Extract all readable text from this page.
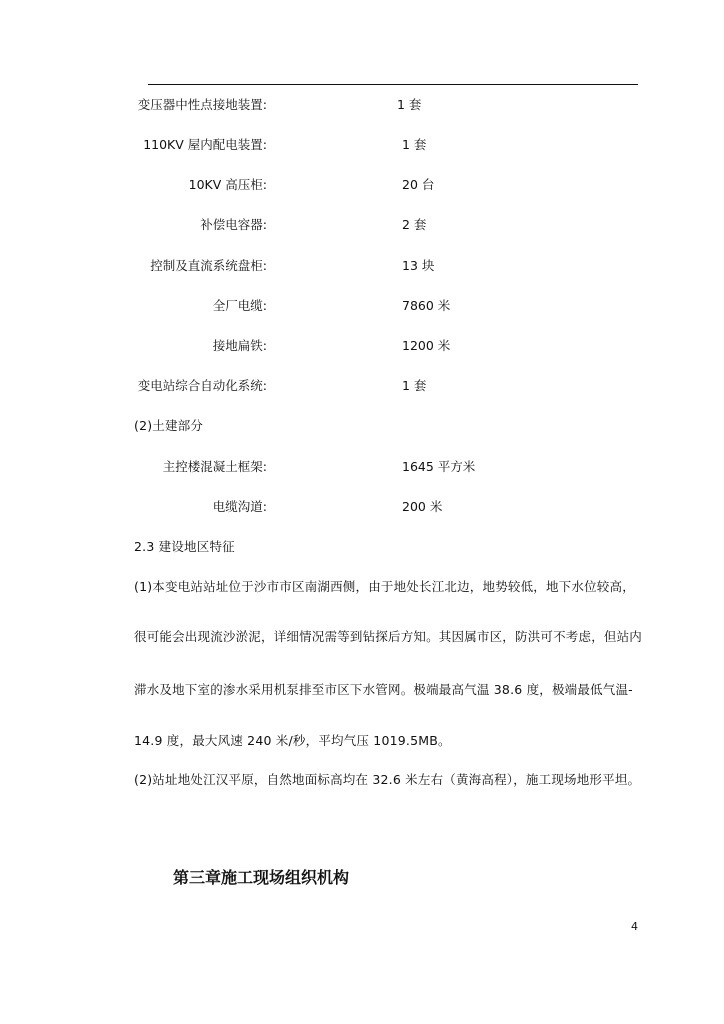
变压器中性点接地装置:	1 套
110KV 屋内配电装置:	1 套
10KV 高压柜:	20 台
补偿电容器:	2 套
控制及直流系统盘柜:	13 块
全厂电缆:	7860 米
接地扁铁:	1200 米
变电站综合自动化系统:	1 套
(2)土建部分
主控楼混凝土框架:	1645 平方米
电缆沟道:	200 米
2.3 建设地区特征
(1)本变电站站址位于沙市市区南湖西侧，由于地处长江北边，地势较低，地下水位较高，
很可能会出现流沙淤泥，详细情况需等到钻探后方知。其因属市区，防洪可不考虑，但站内
滞水及地下室的渗水采用机泵排至市区下水管网。极端最高气温 38.6 度，极端最低气温-
14.9 度，最大风速 240 米/秒，平均气压 1019.5MB。
(2)站址地处江汉平原，自然地面标高均在 32.6 米左右（黄海高程），施工现场地形平坦。
第三章施工现场组织机构
4
